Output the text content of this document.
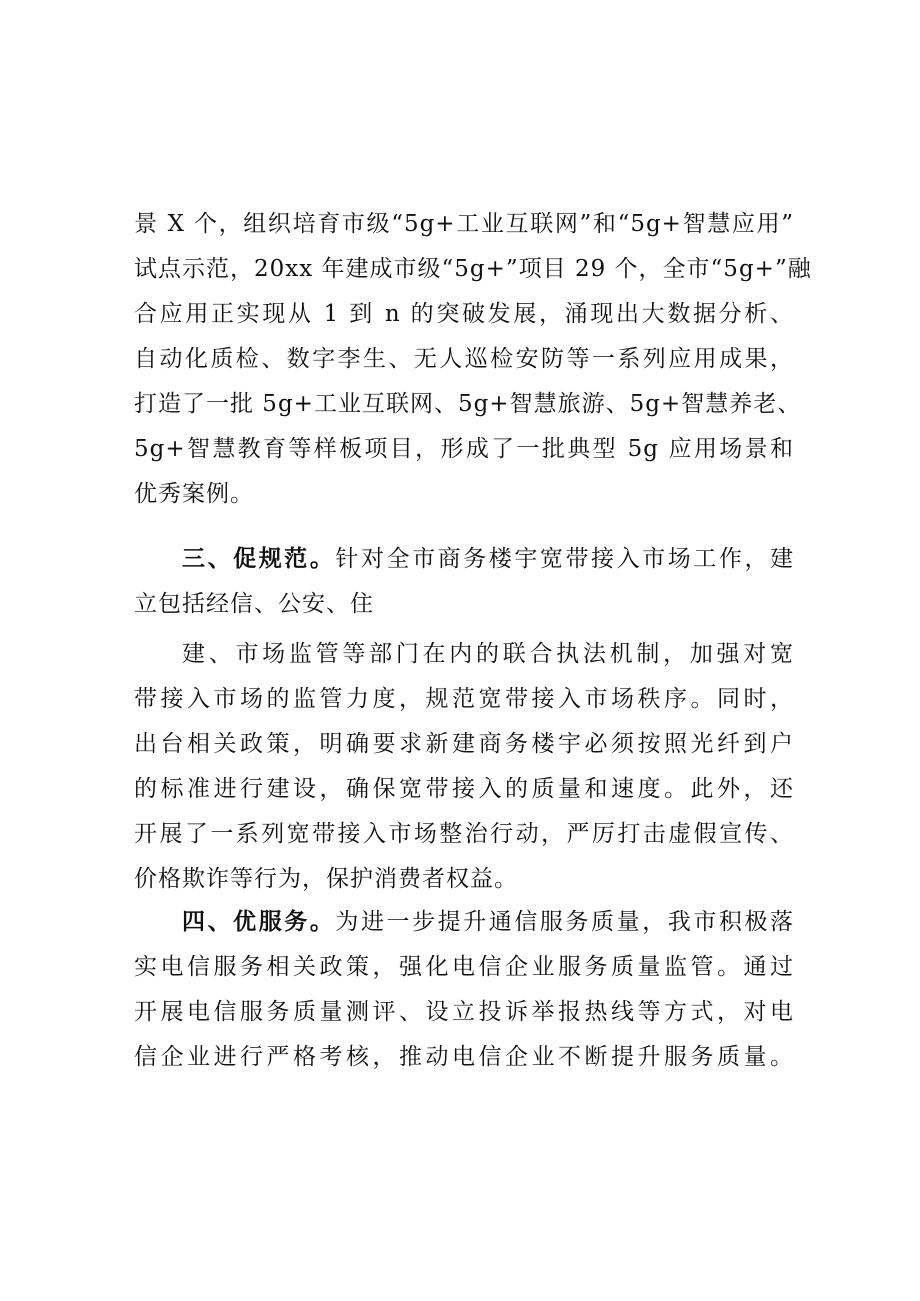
景 X 个，组织培育市级“5g+工业互联网”和“5g+智慧应用”
试点示范，20xx 年建成市级“5g+”项目 29 个，全市“5g+”融
合应用正实现从 1 到 n 的突破发展，涌现出大数据分析、
自动化质检、数字李生、无人巡检安防等一系列应用成果，
打造了一批 5g+工业互联网、5g+智慧旅游、5g+智慧养老、
5g+智慧教育等样板项目，形成了一批典型 5g 应用场景和
优秀案例。
三、促规范。针对全市商务楼宇宽带接入市场工作，建
立包括经信、公安、住
建、市场监管等部门在内的联合执法机制，加强对宽
带接入市场的监管力度，规范宽带接入市场秩序。同时，
出台相关政策，明确要求新建商务楼宇必须按照光纤到户
的标准进行建设，确保宽带接入的质量和速度。此外，还
开展了一系列宽带接入市场整治行动，严厉打击虚假宣传、
价格欺诈等行为，保护消费者权益。
四、优服务。为进一步提升通信服务质量，我市积极落
实电信服务相关政策，强化电信企业服务质量监管。通过
开展电信服务质量测评、设立投诉举报热线等方式，对电
信企业进行严格考核，推动电信企业不断提升服务质量。
